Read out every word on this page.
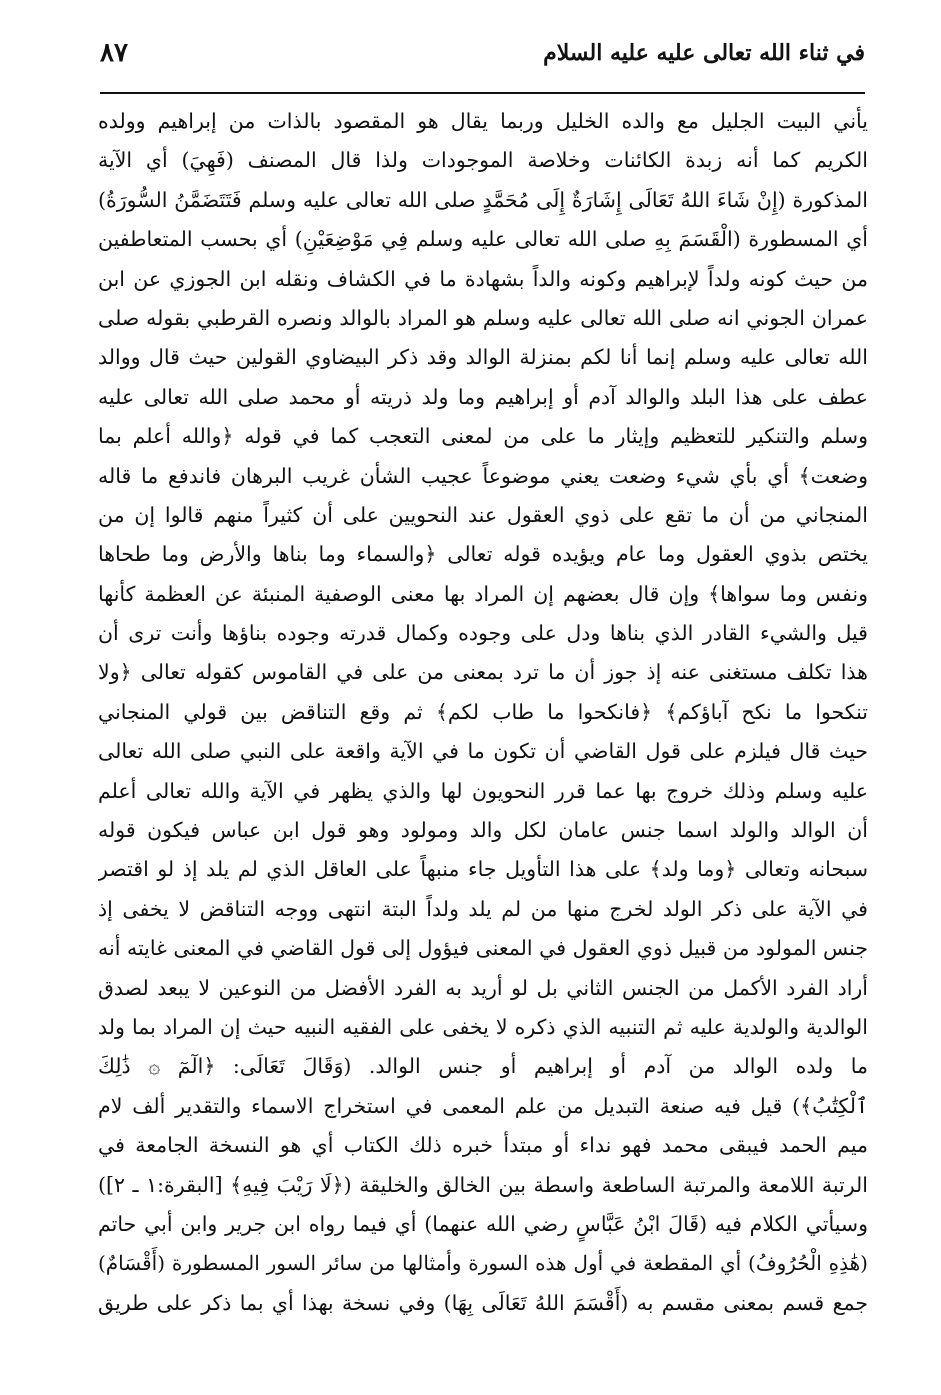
في ثناء الله تعالى عليه عليه السلام
٨٧
يأني البيت الجليل مع والده الخليل وربما يقال هو المقصود بالذات من إبراهيم وولده
الكريم كما أنه زبدة الكائنات وخلاصة الموجودات ولذا قال المصنف (فَهِيَ) أي الآية
المذكورة (إِنْ شَاءَ اللهُ تَعَالَى إِشَارَةٌ إِلَى مُحَمَّدٍ صلى الله تعالى عليه وسلم فَتَتَضَمَّنُ السُّورَةُ)
أي المسطورة (الْقَسَمَ بِهِ صلى الله تعالى عليه وسلم فِي مَوْضِعَيْنِ) أي بحسب المتعاطفين
من حيث كونه ولداً لإبراهيم وكونه والداً بشهادة ما في الكشاف ونقله ابن الجوزي عن ابن
عمران الجوني انه صلى الله تعالى عليه وسلم هو المراد بالوالد ونصره القرطبي بقوله صلى
الله تعالى عليه وسلم إنما أنا لكم بمنزلة الوالد وقد ذكر البيضاوي القولين حيث قال ووالد
عطف على هذا البلد والوالد آدم أو إبراهيم وما ولد ذريته أو محمد صلى الله تعالى عليه
وسلم والتنكير للتعظيم وإيثار ما على من لمعنى التعجب كما في قوله ﴿والله أعلم بما
وضعت﴾ أي بأي شيء وضعت يعني موضوعاً عجيب الشأن غريب البرهان فاندفع ما قاله
المنجاني من أن ما تقع على ذوي العقول عند النحويين على أن كثيراً منهم قالوا إن من
يختص بذوي العقول وما عام ويؤيده قوله تعالى ﴿والسماء وما بناها والأرض وما طحاها
ونفس وما سواها﴾ وإن قال بعضهم إن المراد بها معنى الوصفية المنبئة عن العظمة كأنها
قيل والشيء القادر الذي بناها ودل على وجوده وكمال قدرته وجوده بناؤها وأنت ترى أن
هذا تكلف مستغنى عنه إذ جوز أن ما ترد بمعنى من على في القاموس كقوله تعالى ﴿ولا
تنكحوا ما نكح آباؤكم﴾ ﴿فانكحوا ما طاب لكم﴾ ثم وقع التناقض بين قولي المنجاني
حيث قال فيلزم على قول القاضي أن تكون ما في الآية واقعة على النبي صلى الله تعالى
عليه وسلم وذلك خروج بها عما قرر النحويون لها والذي يظهر في الآية والله تعالى أعلم
أن الوالد والولد اسما جنس عامان لكل والد ومولود وهو قول ابن عباس فيكون قوله
سبحانه وتعالى ﴿وما ولد﴾ على هذا التأويل جاء منبهاً على العاقل الذي لم يلد إذ لو اقتصر
في الآية على ذكر الولد لخرج منها من لم يلد ولداً البتة انتهى ووجه التناقض لا يخفى إذ
جنس المولود من قبيل ذوي العقول في المعنى فيؤول إلى قول القاضي في المعنى غايته أنه
أراد الفرد الأكمل من الجنس الثاني بل لو أريد به الفرد الأفضل من النوعين لا يبعد لصدق
الوالدية والولدية عليه ثم التنبيه الذي ذكره لا يخفى على الفقيه النبيه حيث إن المراد بما ولد
ما ولده الوالد من آدم أو إبراهيم أو جنس الوالد. (وَقَالَ تَعَالَى: ﴿الٓمٓ ۞ ذَٰلِكَ
ٱلْكِتَٰبُ﴾) قيل فيه صنعة التبديل من علم المعمى في استخراج الاسماء والتقدير ألف لام
ميم الحمد فيبقى محمد فهو نداء أو مبتدأ خبره ذلك الكتاب أي هو النسخة الجامعة في
الرتبة اللامعة والمرتبة الساطعة واسطة بين الخالق والخليقة (﴿لَا رَيْبَ فِيهِ﴾ [البقرة:١ ـ ٢])
وسيأتي الكلام فيه (قَالَ ابْنُ عَبَّاسٍ رضي الله عنهما) أي فيما رواه ابن جرير وابن أبي حاتم
(هَٰذِهِ الْحُرُوفُ) أي المقطعة في أول هذه السورة وأمثالها من سائر السور المسطورة (أَقْسَامٌ)
جمع قسم بمعنى مقسم به (أَقْسَمَ اللهُ تَعَالَى بِهَا) وفي نسخة بهذا أي بما ذكر على طريق
